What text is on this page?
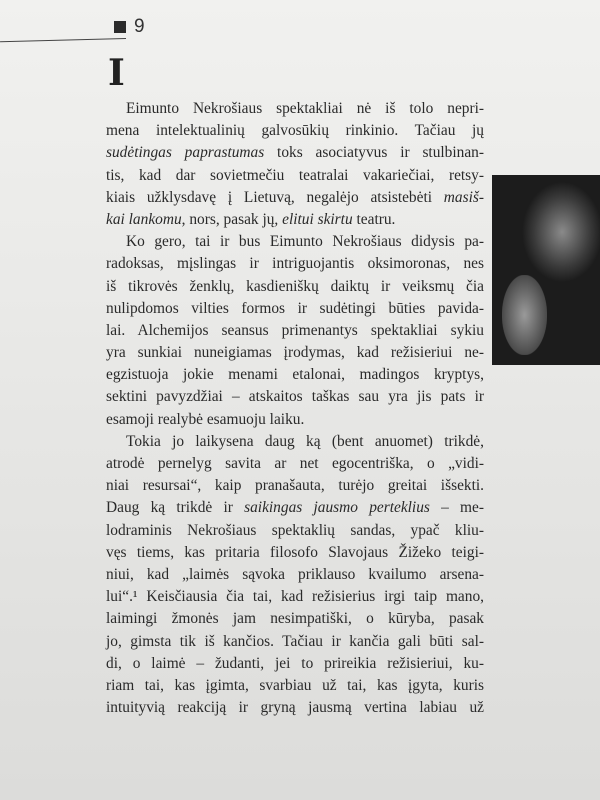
9
I
Eimunto Nekrošiaus spektakliai nė iš tolo nepri-
mena intelektualinių galvosūkių rinkinio. Tačiau jų
sudėtingas paprastumas toks asociatyvus ir stulbinan-
tis, kad dar sovietmečiu teatralai vakariečiai, retsy-
kiais užklysdavę į Lietuvą, negalėjo atsistebėti masiš-
kai lankomu, nors, pasak jų, elitui skirtu teatru.
Ko gero, tai ir bus Eimunto Nekrošiaus didysis pa-
radoksas, mįslingas ir intriguojantis oksimoronas, nes
iš tikrovės ženklų, kasdieniškų daiktų ir veiksmų čia
nulipdomos vilties formos ir sudėtingi būties pavida-
lai. Alchemijos seansus primenantys spektakliai sykiu
yra sunkiai nuneigiamas įrodymas, kad režisieriui ne-
egzistuoja jokie menami etalonai, madingos kryptys,
sektini pavyzdžiai – atskaitos taškas sau yra jis pats ir
esamoji realybė esamuoju laiku.
Tokia jo laikysena daug ką (bent anuomet) trikdė,
atrodė pernelyg savita ar net egocentriška, o „vidi-
niai resursai“, kaip pranašauta, turėjo greitai išsekti.
Daug ką trikdė ir saikingas jausmo perteklius – me-
lodraminis Nekrošiaus spektaklių sandas, ypač kliu-
vęs tiems, kas pritaria filosofo Slavojaus Žižeko teigi-
niui, kad „laimės sąvoka priklauso kvailumo arsena-
lui“.¹ Keisčiausia čia tai, kad režisierius irgi taip mano,
laimingi žmonės jam nesimpatiški, o kūryba, pasak
jo, gimsta tik iš kančios. Tačiau ir kančia gali būti sal-
di, o laimė – žudanti, jei to prireikia režisieriui, ku-
riam tai, kas įgimta, svarbiau už tai, kas įgyta, kuris
intuityvią reakciją ir gryną jausmą vertina labiau už
